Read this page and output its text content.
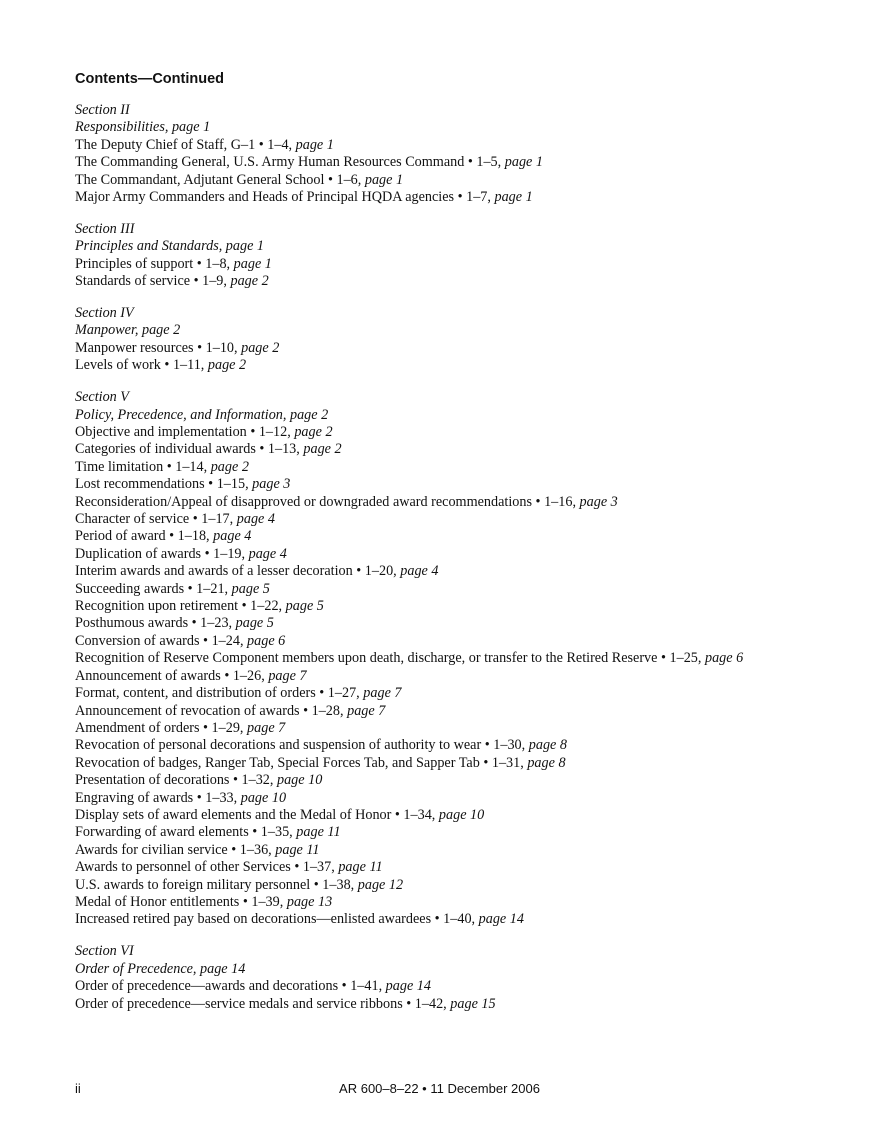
Contents—Continued
Section II
Responsibilities, page 1
The Deputy Chief of Staff, G–1 • 1–4, page 1
The Commanding General, U.S. Army Human Resources Command • 1–5, page 1
The Commandant, Adjutant General School • 1–6, page 1
Major Army Commanders and Heads of Principal HQDA agencies • 1–7, page 1
Section III
Principles and Standards, page 1
Principles of support • 1–8, page 1
Standards of service • 1–9, page 2
Section IV
Manpower, page 2
Manpower resources • 1–10, page 2
Levels of work • 1–11, page 2
Section V
Policy, Precedence, and Information, page 2
Objective and implementation • 1–12, page 2
Categories of individual awards • 1–13, page 2
Time limitation • 1–14, page 2
Lost recommendations • 1–15, page 3
Reconsideration/Appeal of disapproved or downgraded award recommendations • 1–16, page 3
Character of service • 1–17, page 4
Period of award • 1–18, page 4
Duplication of awards • 1–19, page 4
Interim awards and awards of a lesser decoration • 1–20, page 4
Succeeding awards • 1–21, page 5
Recognition upon retirement • 1–22, page 5
Posthumous awards • 1–23, page 5
Conversion of awards • 1–24, page 6
Recognition of Reserve Component members upon death, discharge, or transfer to the Retired Reserve • 1–25, page 6
Announcement of awards • 1–26, page 7
Format, content, and distribution of orders • 1–27, page 7
Announcement of revocation of awards • 1–28, page 7
Amendment of orders • 1–29, page 7
Revocation of personal decorations and suspension of authority to wear • 1–30, page 8
Revocation of badges, Ranger Tab, Special Forces Tab, and Sapper Tab • 1–31, page 8
Presentation of decorations • 1–32, page 10
Engraving of awards • 1–33, page 10
Display sets of award elements and the Medal of Honor • 1–34, page 10
Forwarding of award elements • 1–35, page 11
Awards for civilian service • 1–36, page 11
Awards to personnel of other Services • 1–37, page 11
U.S. awards to foreign military personnel • 1–38, page 12
Medal of Honor entitlements • 1–39, page 13
Increased retired pay based on decorations—enlisted awardees • 1–40, page 14
Section VI
Order of Precedence, page 14
Order of precedence—awards and decorations • 1–41, page 14
Order of precedence—service medals and service ribbons • 1–42, page 15
ii	AR 600–8–22 • 11 December 2006
